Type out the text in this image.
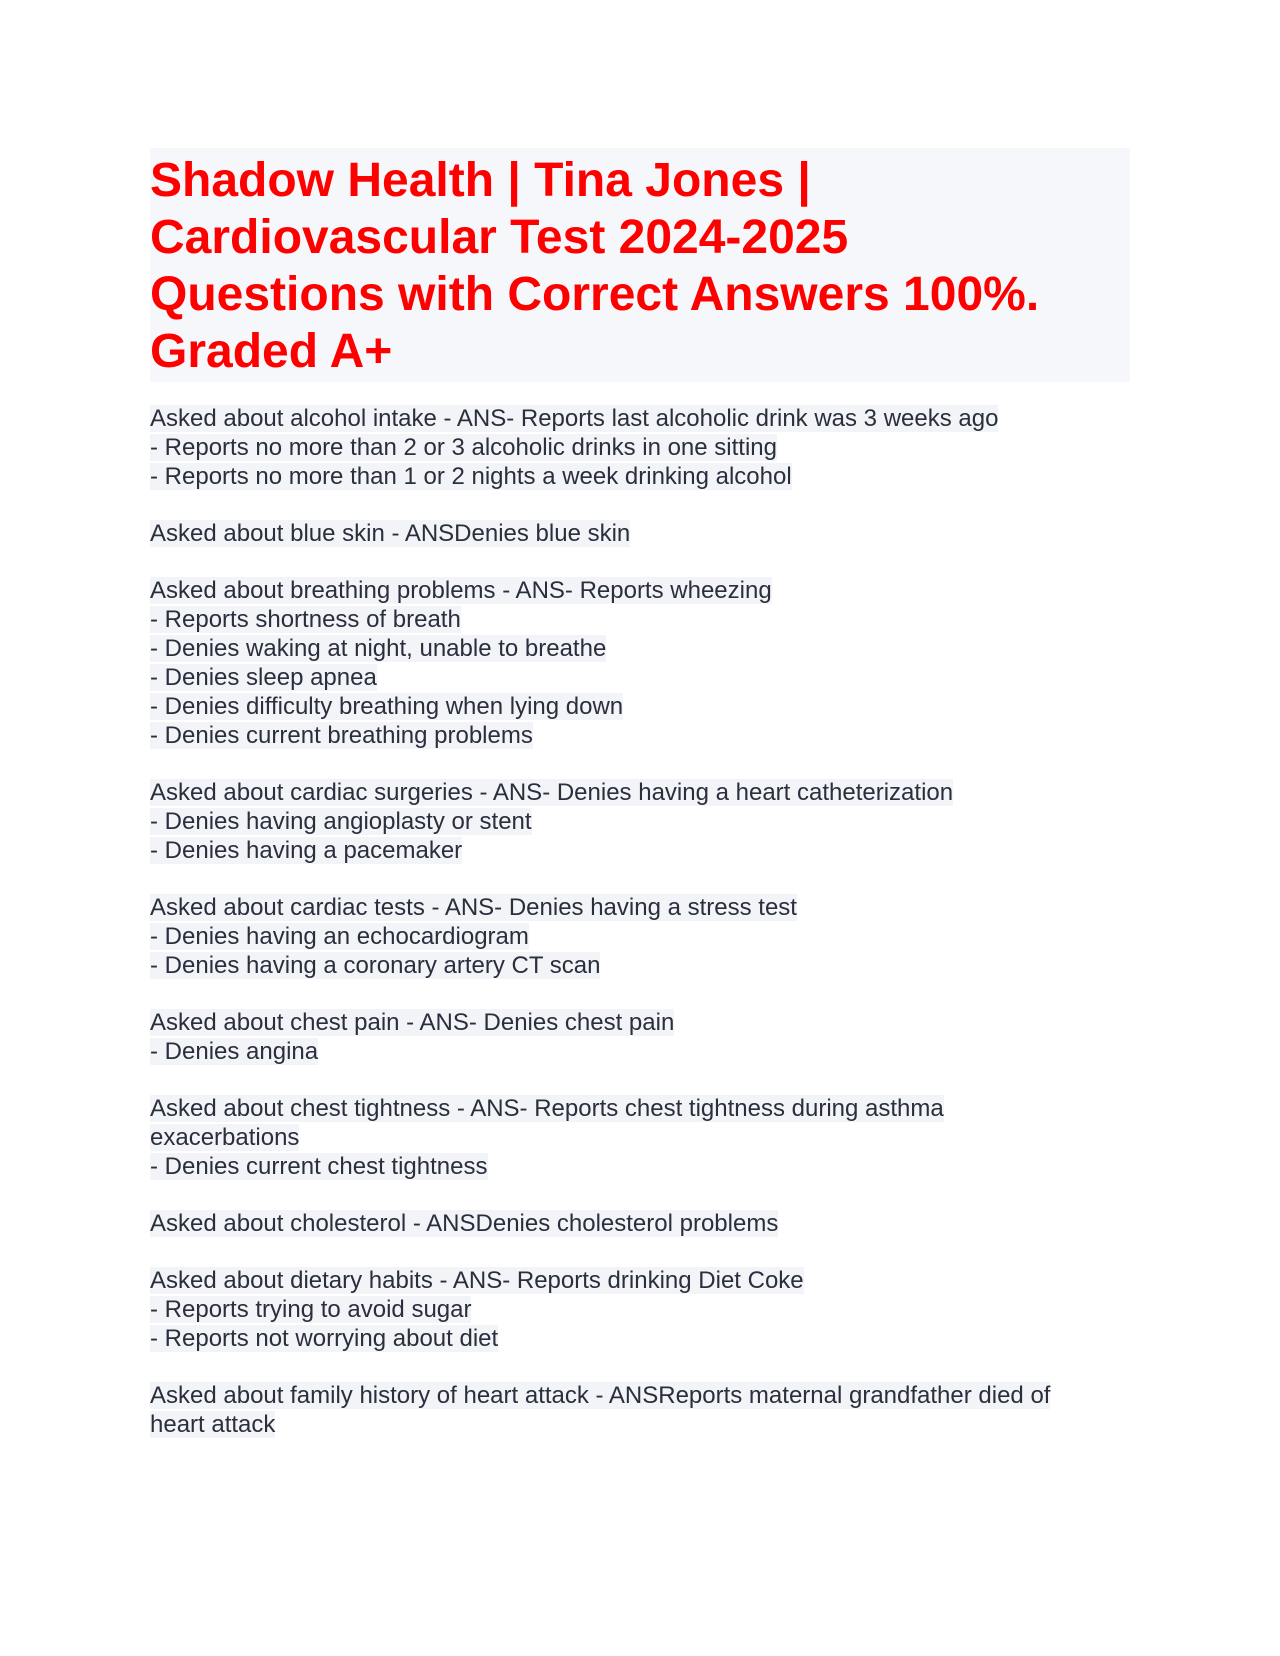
Shadow Health | Tina Jones |
Cardiovascular Test 2024-2025
Questions with Correct Answers 100%.
Graded A+
Asked about alcohol intake - ANS- Reports last alcoholic drink was 3 weeks ago
- Reports no more than 2 or 3 alcoholic drinks in one sitting
- Reports no more than 1 or 2 nights a week drinking alcohol
Asked about blue skin - ANSDenies blue skin
Asked about breathing problems - ANS- Reports wheezing
- Reports shortness of breath
- Denies waking at night, unable to breathe
- Denies sleep apnea
- Denies difficulty breathing when lying down
- Denies current breathing problems
Asked about cardiac surgeries - ANS- Denies having a heart catheterization
- Denies having angioplasty or stent
- Denies having a pacemaker
Asked about cardiac tests - ANS- Denies having a stress test
- Denies having an echocardiogram
- Denies having a coronary artery CT scan
Asked about chest pain - ANS- Denies chest pain
- Denies angina
Asked about chest tightness - ANS- Reports chest tightness during asthma
exacerbations
- Denies current chest tightness
Asked about cholesterol - ANSDenies cholesterol problems
Asked about dietary habits - ANS- Reports drinking Diet Coke
- Reports trying to avoid sugar
- Reports not worrying about diet
Asked about family history of heart attack - ANSReports maternal grandfather died of
heart attack
